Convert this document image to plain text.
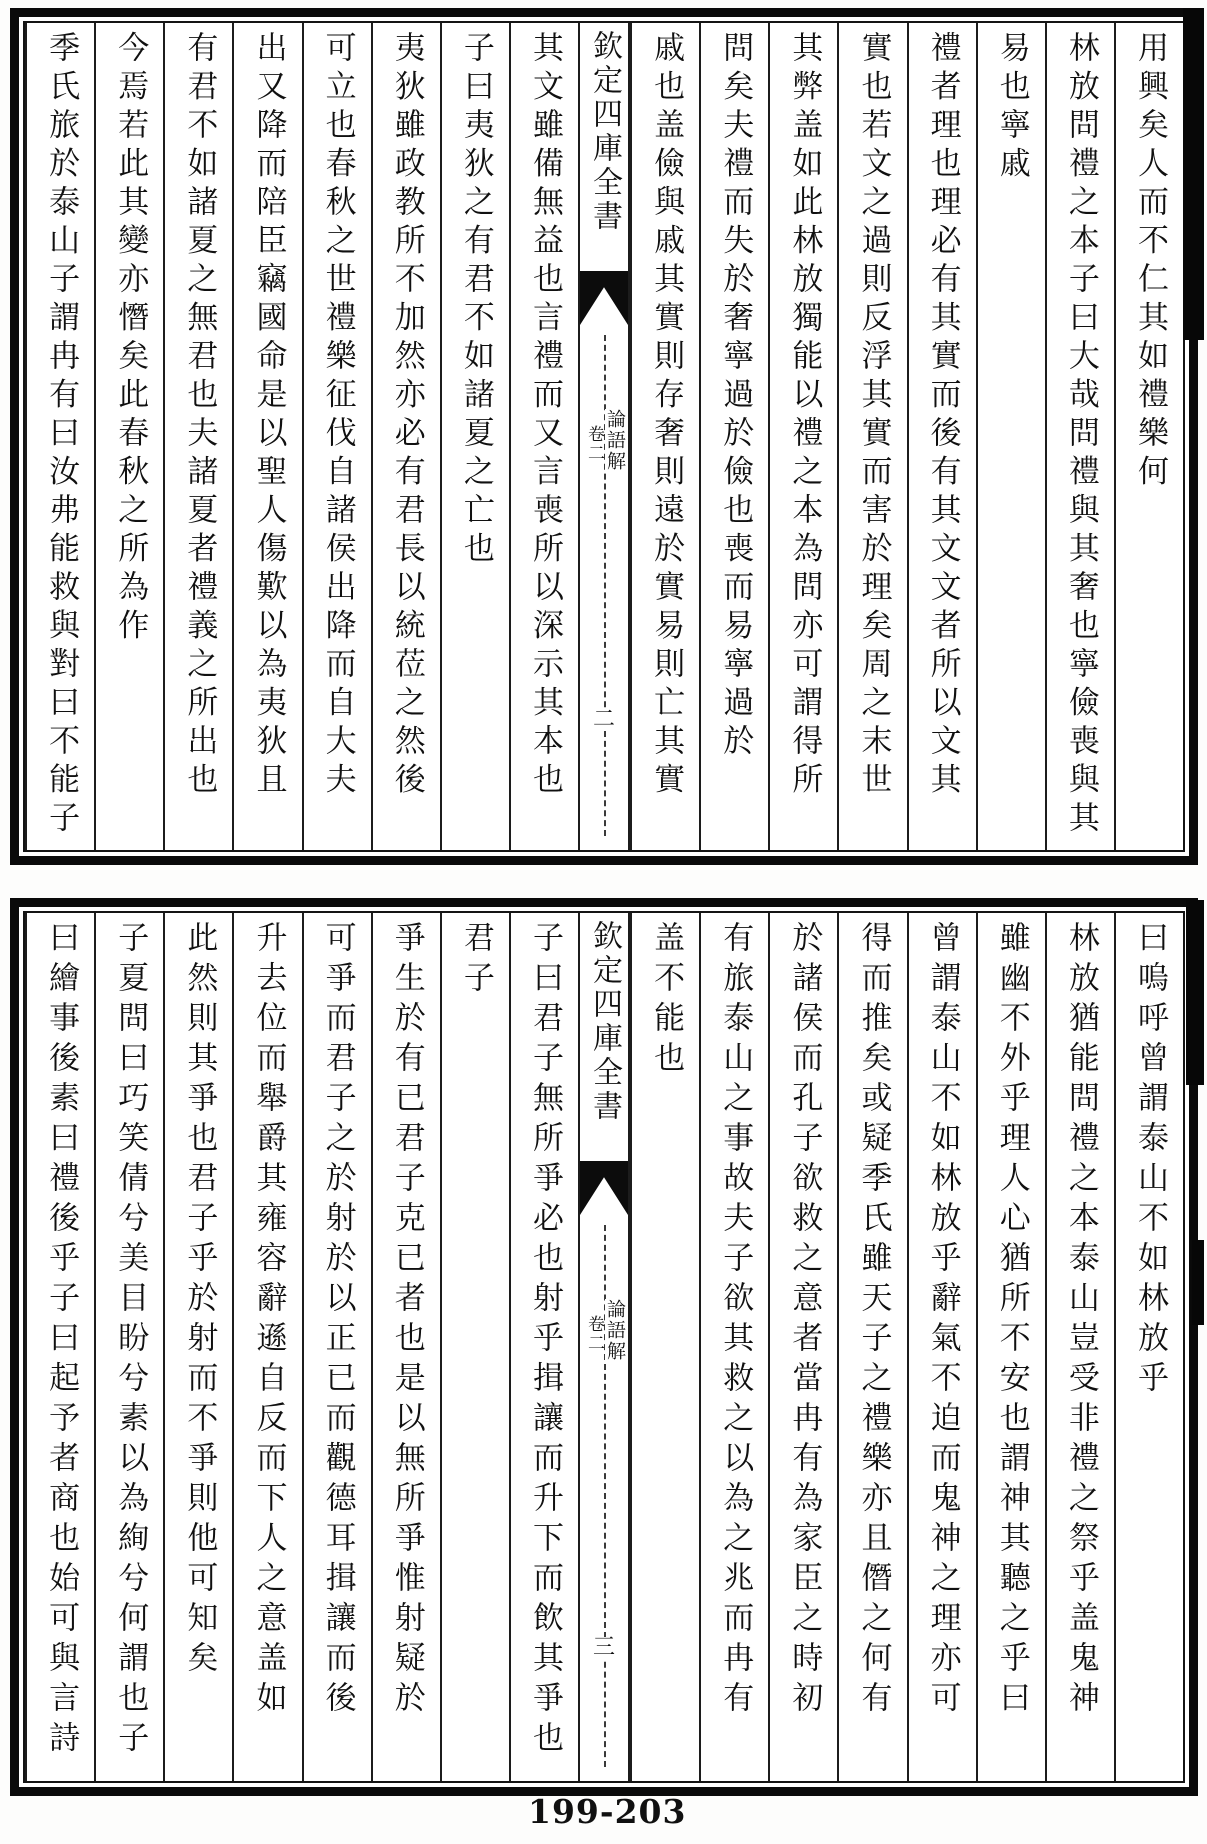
其文雖備無益也言禮而又言喪所以深示其本也
子曰夷狄之有君不如諸夏之亡也
夷狄雖政教所不加然亦必有君長以統莅之然後
可立也春秋之世禮樂征伐自諸侯出降而自大夫
出又降而陪臣竊國命是以聖人傷歎以為夷狄且
有君不如諸夏之無君也夫諸夏者禮義之所出也
今焉若此其變亦憯矣此春秋之所為作
季氏旅於泰山子謂冉有曰汝弗能救與對曰不能子	欽定四庫全書
論語解
卷二
二
用興矣人而不仁其如禮樂何
林放問禮之本子曰大哉問禮與其奢也寧儉喪與其
易也寧戚
禮者理也理必有其實而後有其文文者所以文其
實也若文之過則反浮其實而害於理矣周之末世
其弊盖如此林放獨能以禮之本為問亦可謂得所
問矣夫禮而失於奢寧過於儉也喪而易寧過於
戚也盖儉與戚其實則存奢則遠於實易則亡其實
子曰君子無所爭必也射乎揖讓而升下而飲其爭也
君子
爭生於有已君子克已者也是以無所爭惟射疑於
可爭而君子之於射於以正已而觀德耳揖讓而後
升去位而舉爵其雍容辭遜自反而下人之意盖如
此然則其爭也君子乎於射而不爭則他可知矣
子夏問曰巧笑倩兮美目盼兮素以為絢兮何謂也子
曰繪事後素曰禮後乎子曰起予者商也始可與言詩	欽定四庫全書
論語解
卷二
三
曰嗚呼曾謂泰山不如林放乎
林放猶能問禮之本泰山豈受非禮之祭乎盖鬼神
雖幽不外乎理人心猶所不安也謂神其聽之乎曰
曾謂泰山不如林放乎辭氣不迫而鬼神之理亦可
得而推矣或疑季氏雖天子之禮樂亦且僭之何有
於諸侯而孔子欲救之意者當冉有為家臣之時初
有旅泰山之事故夫子欲其救之以為之兆而冉有
盖不能也
199-203
